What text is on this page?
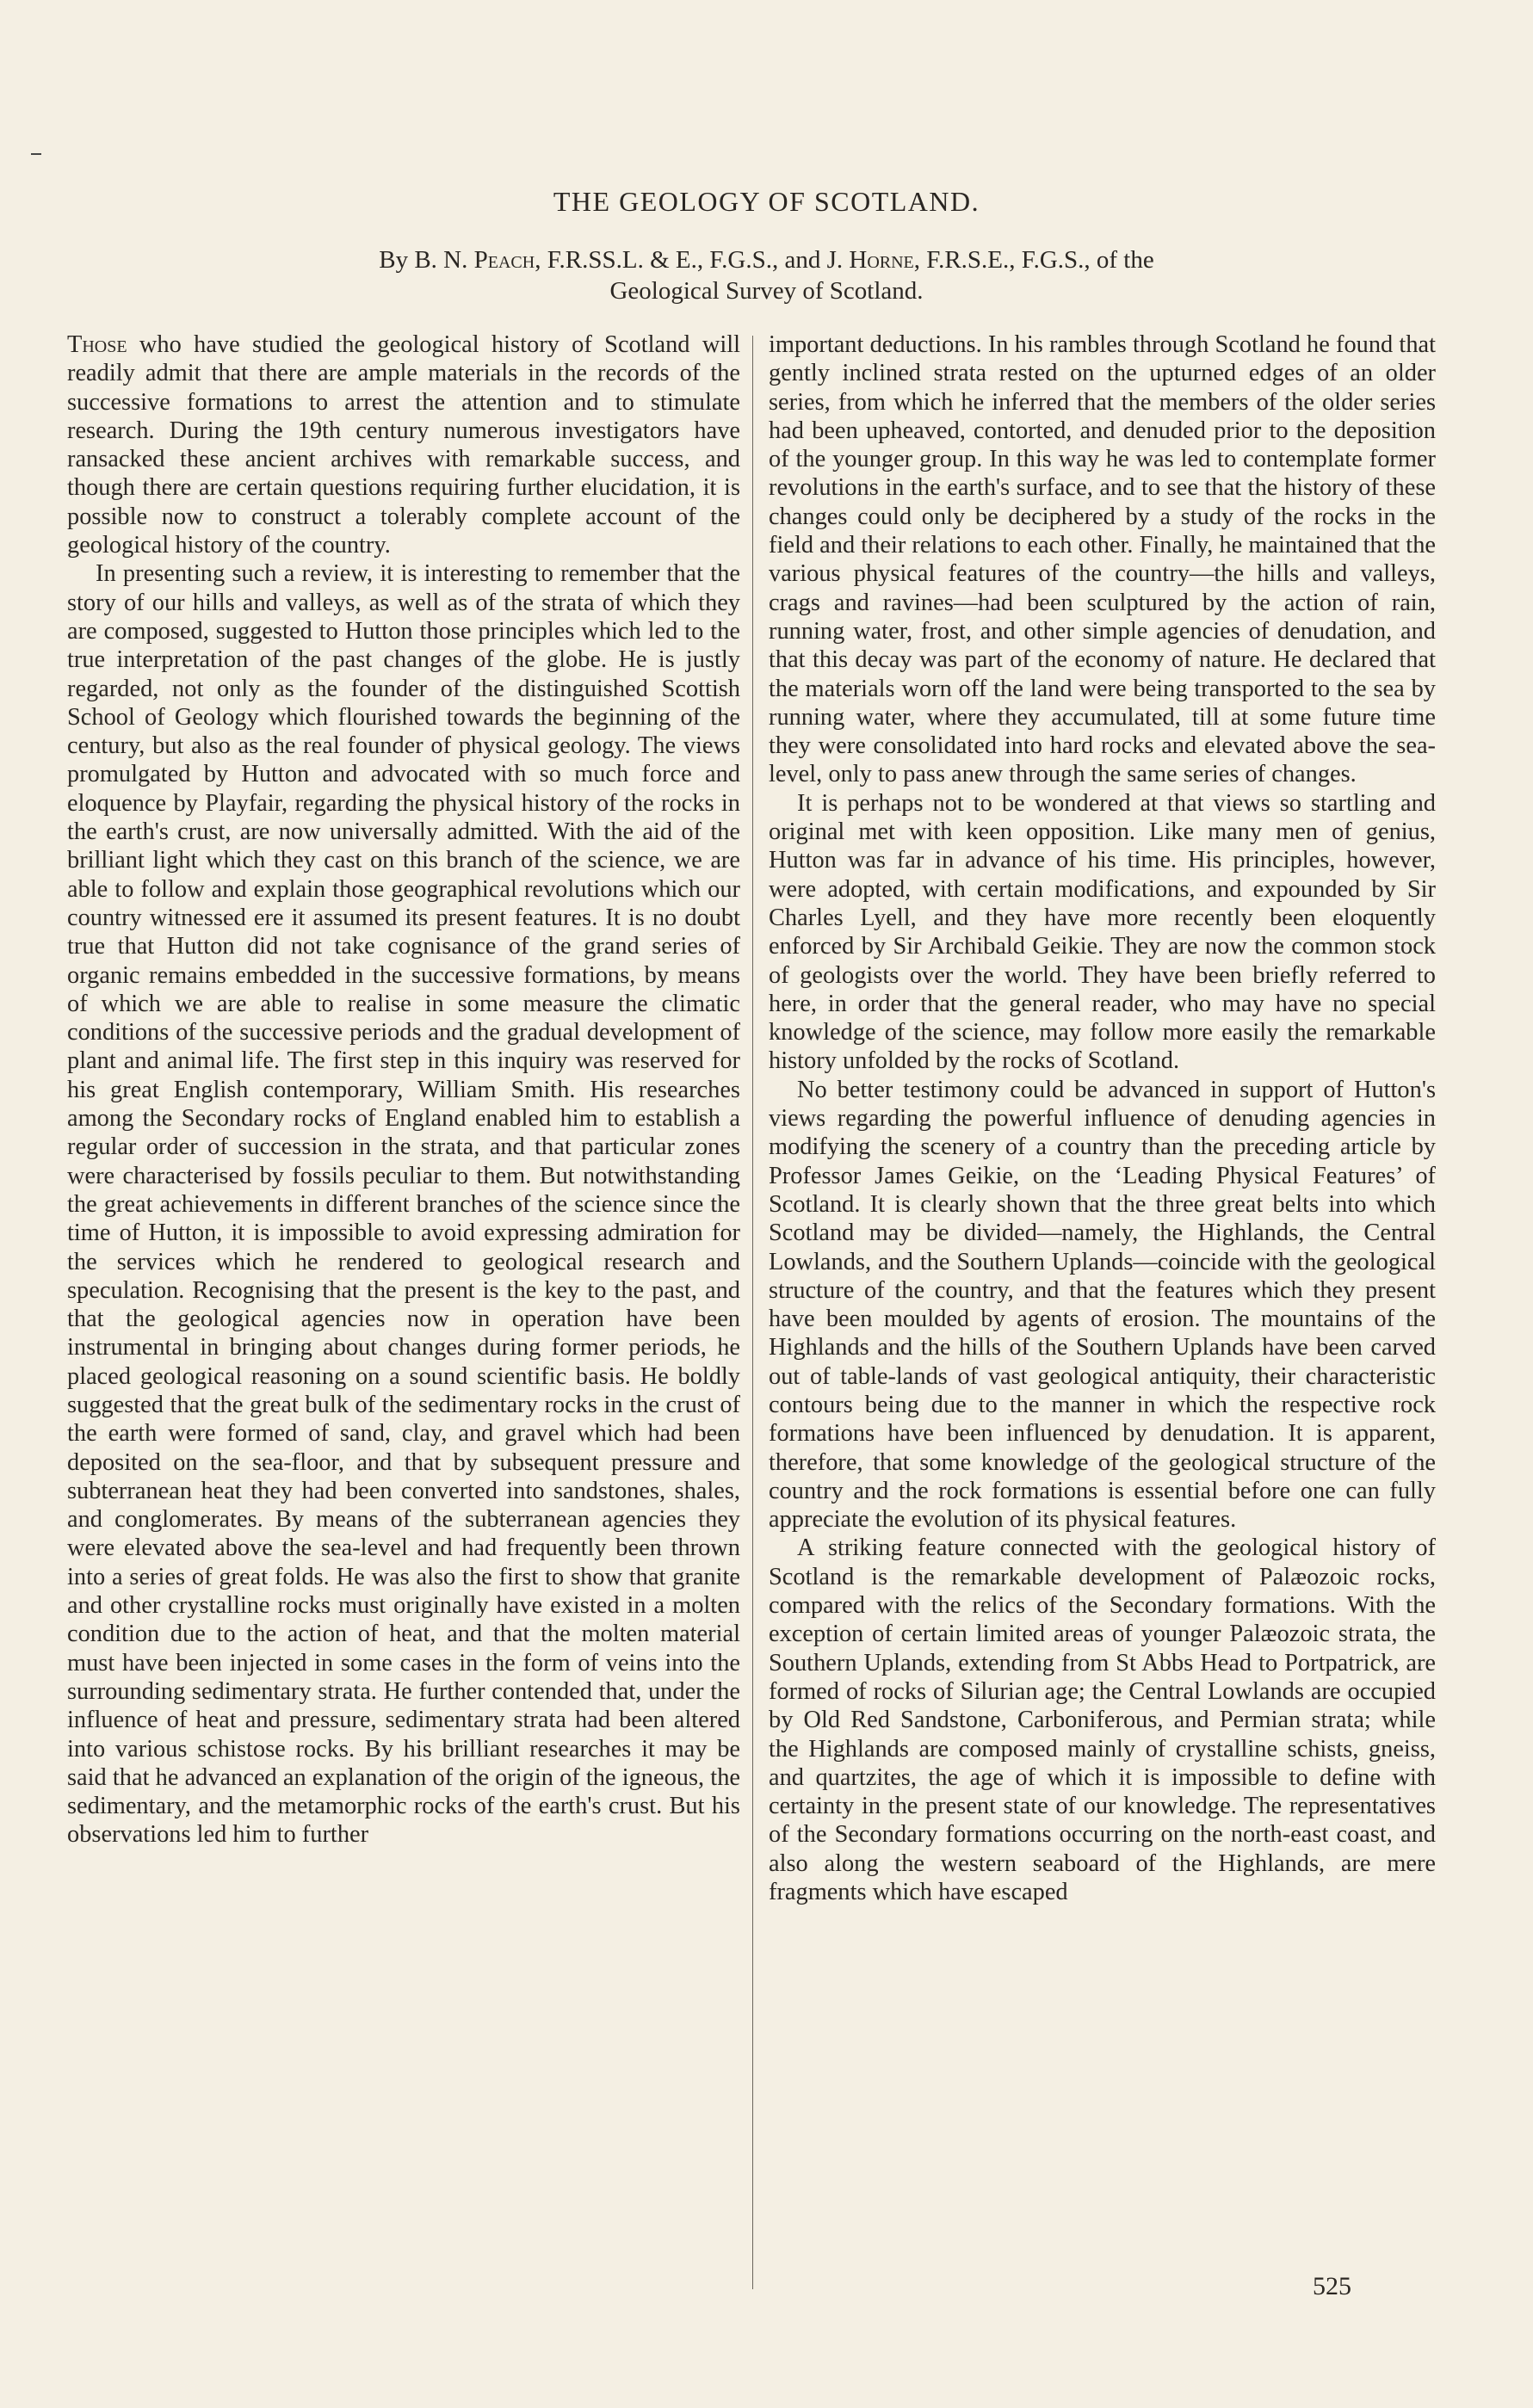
THE GEOLOGY OF SCOTLAND.
By B. N. Peach, F.R.SS.L. & E., F.G.S., and J. Horne, F.R.S.E., F.G.S., of the
Geological Survey of Scotland.

Those who have studied the geological history of Scotland will readily admit that there are ample materials in the records of the successive formations to arrest the attention and to stimulate research. During the 19th century numerous investigators have ransacked these ancient archives with remarkable success, and though there are certain questions requiring further elucidation, it is possible now to construct a tolerably complete account of the geological history of the country.

In presenting such a review, it is interesting to remember that the story of our hills and valleys, as well as of the strata of which they are composed, suggested to Hutton those principles which led to the true interpretation of the past changes of the globe. He is justly regarded, not only as the founder of the distinguished Scottish School of Geology which flourished towards the beginning of the century, but also as the real founder of physical geology. The views promulgated by Hutton and advocated with so much force and eloquence by Playfair, regarding the physical history of the rocks in the earth's crust, are now universally admitted. With the aid of the brilliant light which they cast on this branch of the science, we are able to follow and explain those geographical revolutions which our country witnessed ere it assumed its present features. It is no doubt true that Hutton did not take cognisance of the grand series of organic remains embedded in the successive formations, by means of which we are able to realise in some measure the climatic conditions of the successive periods and the gradual development of plant and animal life. The first step in this inquiry was reserved for his great English contemporary, William Smith. His researches among the Secondary rocks of England enabled him to establish a regular order of succession in the strata, and that particular zones were characterised by fossils peculiar to them. But notwithstanding the great achievements in different branches of the science since the time of Hutton, it is impossible to avoid expressing admiration for the services which he rendered to geological research and speculation. Recognising that the present is the key to the past, and that the geological agencies now in operation have been instrumental in bringing about changes during former periods, he placed geological reasoning on a sound scientific basis. He boldly suggested that the great bulk of the sedimentary rocks in the crust of the earth were formed of sand, clay, and gravel which had been deposited on the sea-floor, and that by subsequent pressure and subterranean heat they had been converted into sandstones, shales, and conglomerates. By means of the subterranean agencies they were elevated above the sea-level and had frequently been thrown into a series of great folds. He was also the first to show that granite and other crystalline rocks must originally have existed in a molten condition due to the action of heat, and that the molten material must have been injected in some cases in the form of veins into the surrounding sedimentary strata. He further contended that, under the influence of heat and pressure, sedimentary strata had been altered into various schistose rocks. By his brilliant researches it may be said that he advanced an explanation of the origin of the igneous, the sedimentary, and the metamorphic rocks of the earth's crust. But his observations led him to further

important deductions. In his rambles through Scotland he found that gently inclined strata rested on the upturned edges of an older series, from which he inferred that the members of the older series had been upheaved, contorted, and denuded prior to the deposition of the younger group. In this way he was led to contemplate former revolutions in the earth's surface, and to see that the history of these changes could only be deciphered by a study of the rocks in the field and their relations to each other. Finally, he maintained that the various physical features of the country—the hills and valleys, crags and ravines—had been sculptured by the action of rain, running water, frost, and other simple agencies of denudation, and that this decay was part of the economy of nature. He declared that the materials worn off the land were being transported to the sea by running water, where they accumulated, till at some future time they were consolidated into hard rocks and elevated above the sea-level, only to pass anew through the same series of changes.

It is perhaps not to be wondered at that views so startling and original met with keen opposition. Like many men of genius, Hutton was far in advance of his time. His principles, however, were adopted, with certain modifications, and expounded by Sir Charles Lyell, and they have more recently been eloquently enforced by Sir Archibald Geikie. They are now the common stock of geologists over the world. They have been briefly referred to here, in order that the general reader, who may have no special knowledge of the science, may follow more easily the remarkable history unfolded by the rocks of Scotland.

No better testimony could be advanced in support of Hutton's views regarding the powerful influence of denuding agencies in modifying the scenery of a country than the preceding article by Professor James Geikie, on the ‘Leading Physical Features’ of Scotland. It is clearly shown that the three great belts into which Scotland may be divided—namely, the Highlands, the Central Lowlands, and the Southern Uplands—coincide with the geological structure of the country, and that the features which they present have been moulded by agents of erosion. The mountains of the Highlands and the hills of the Southern Uplands have been carved out of table-lands of vast geological antiquity, their characteristic contours being due to the manner in which the respective rock formations have been influenced by denudation. It is apparent, therefore, that some knowledge of the geological structure of the country and the rock formations is essential before one can fully appreciate the evolution of its physical features.

A striking feature connected with the geological history of Scotland is the remarkable development of Palæozoic rocks, compared with the relics of the Secondary formations. With the exception of certain limited areas of younger Palæozoic strata, the Southern Uplands, extending from St Abbs Head to Portpatrick, are formed of rocks of Silurian age; the Central Lowlands are occupied by Old Red Sandstone, Carboniferous, and Permian strata; while the Highlands are composed mainly of crystalline schists, gneiss, and quartzites, the age of which it is impossible to define with certainty in the present state of our knowledge. The representatives of the Secondary formations occurring on the north-east coast, and also along the western seaboard of the Highlands, are mere fragments which have escaped

525
